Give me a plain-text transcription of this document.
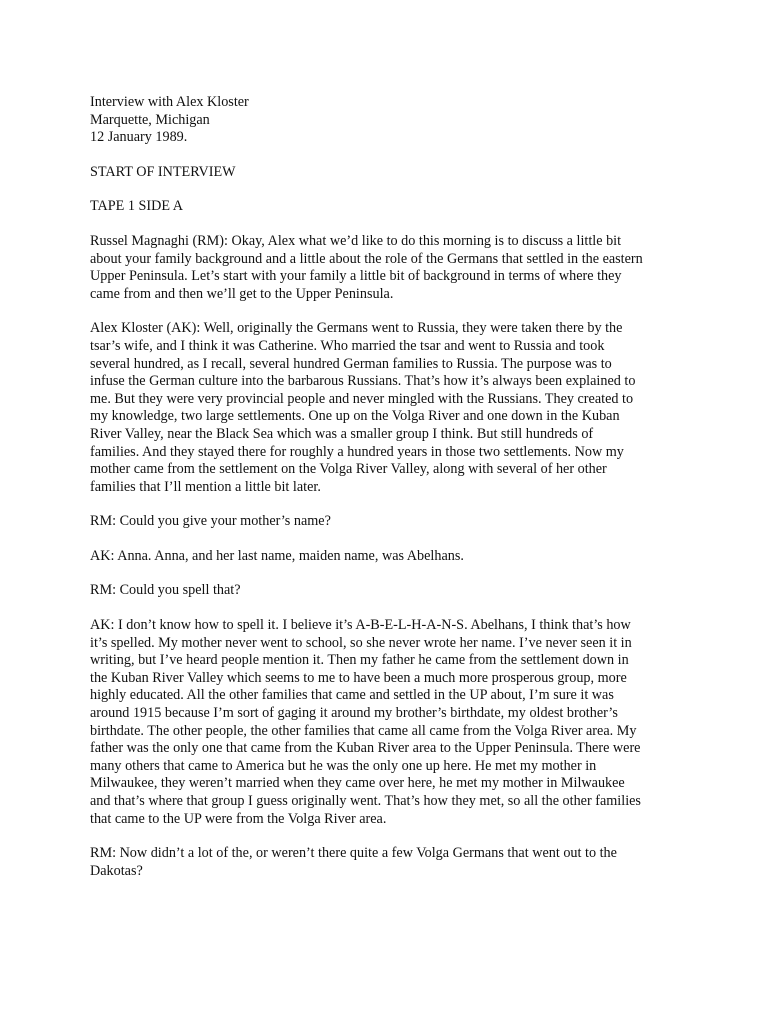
Interview with Alex Kloster
Marquette, Michigan
12 January 1989.
START OF INTERVIEW
TAPE 1 SIDE A
Russel Magnaghi (RM): Okay, Alex what we’d like to do this morning is to discuss a little bit
about your family background and a little about the role of the Germans that settled in the eastern
Upper Peninsula. Let’s start with your family a little bit of background in terms of where they
came from and then we’ll get to the Upper Peninsula.
Alex Kloster (AK): Well, originally the Germans went to Russia, they were taken there by the
tsar’s wife, and I think it was Catherine. Who married the tsar and went to Russia and took
several hundred, as I recall, several hundred German families to Russia. The purpose was to
infuse the German culture into the barbarous Russians. That’s how it’s always been explained to
me. But they were very provincial people and never mingled with the Russians. They created to
my knowledge, two large settlements. One up on the Volga River and one down in the Kuban
River Valley, near the Black Sea which was a smaller group I think. But still hundreds of
families. And they stayed there for roughly a hundred years in those two settlements. Now my
mother came from the settlement on the Volga River Valley, along with several of her other
families that I’ll mention a little bit later.
RM: Could you give your mother’s name?
AK: Anna. Anna, and her last name, maiden name, was Abelhans.
RM: Could you spell that?
AK: I don’t know how to spell it. I believe it’s A-B-E-L-H-A-N-S. Abelhans, I think that’s how
it’s spelled. My mother never went to school, so she never wrote her name. I’ve never seen it in
writing, but I’ve heard people mention it. Then my father he came from the settlement down in
the Kuban River Valley which seems to me to have been a much more prosperous group, more
highly educated. All the other families that came and settled in the UP about, I’m sure it was
around 1915 because I’m sort of gaging it around my brother’s birthdate, my oldest brother’s
birthdate. The other people, the other families that came all came from the Volga River area. My
father was the only one that came from the Kuban River area to the Upper Peninsula. There were
many others that came to America but he was the only one up here. He met my mother in
Milwaukee, they weren’t married when they came over here, he met my mother in Milwaukee
and that’s where that group I guess originally went. That’s how they met, so all the other families
that came to the UP were from the Volga River area.
RM: Now didn’t a lot of the, or weren’t there quite a few Volga Germans that went out to the
Dakotas?
